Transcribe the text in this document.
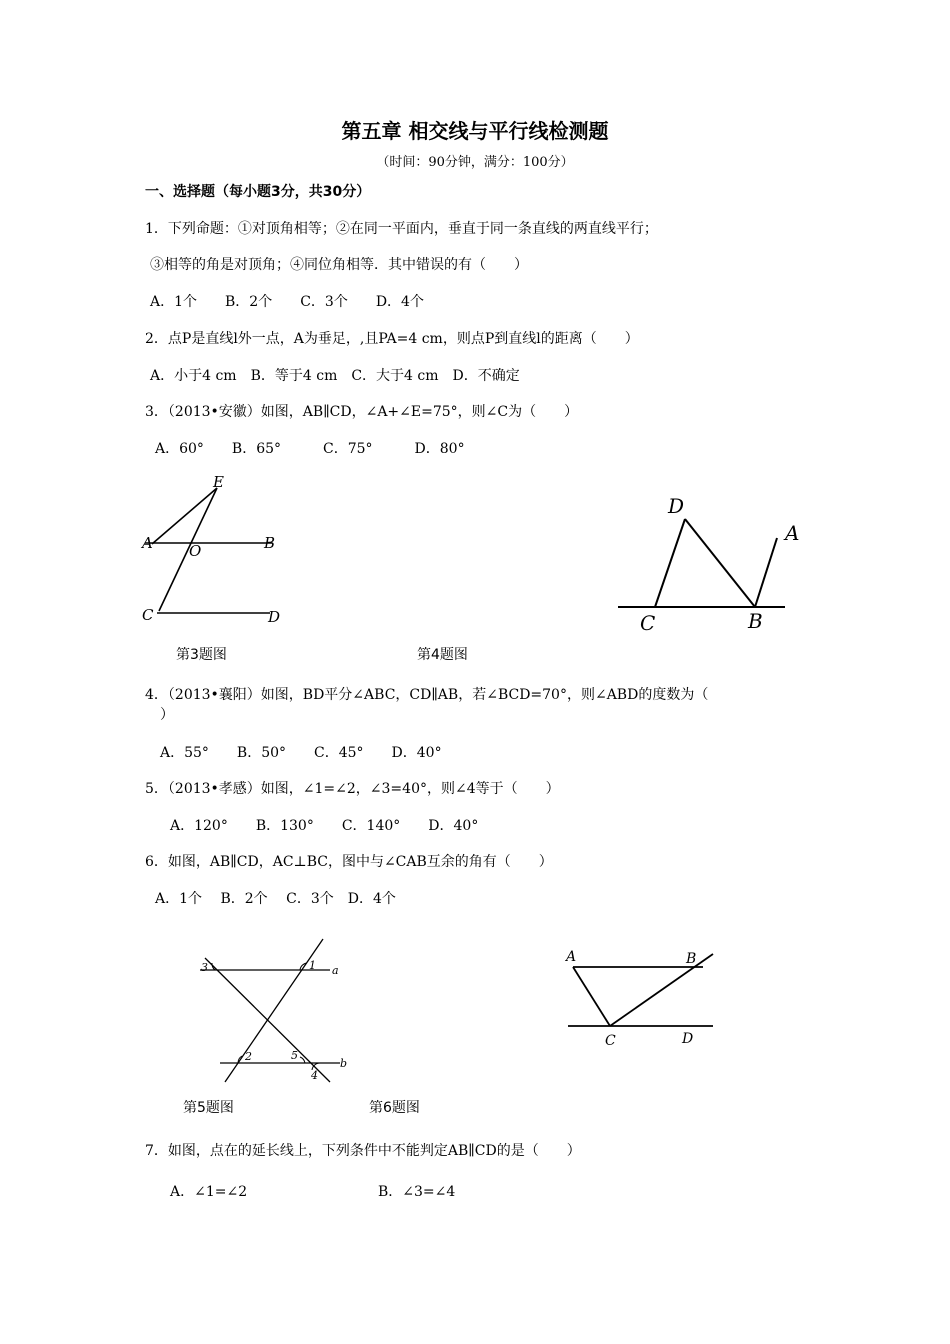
第五章 相交线与平行线检测题
（时间：90分钟，满分：100分）
一、选择题（每小题3分，共30分）
1．下列命题：①对顶角相等；②在同一平面内，垂直于同一条直线的两直线平行；
③相等的角是对顶角；④同位角相等．其中错误的有（　　）
A．1个　　B．2个　　C．3个　　D．4个
2．点P是直线l外一点，A为垂足，,且PA=4 cm，则点P到直线l的距离（　　）
A．小于4 cm　B．等于4 cm　C．大于4 cm　D．不确定
3．（2013•安徽）如图，AB∥CD，∠A+∠E=75°，则∠C为（　　）
A．60°　　B．65°　　　C．75°　　　D．80°
E
A O	B
C	D
D
A
C	B
第3题图	第4题图
4．（2013•襄阳）如图，BD平分∠ABC，CD∥AB，若∠BCD=70°，则∠ABD的度数为（
）
A．55°　　B．50°　　C．45°　　D．40°
5．（2013•孝感）如图，∠1=∠2，∠3=40°，则∠4等于（　　）
A．120°　　B．130°　　C．140°　　D．40°
6．如图，AB∥CD，AC⊥BC，图中与∠CAB互余的角有（　　）
A．1个　 B．2个　 C．3个　D．4个
3	1 a
2	5
b
4
A	B
C	D
第5题图	第6题图
7．如图，点在的延长线上，下列条件中不能判定AB∥CD的是（　　）
A．∠1=∠2	B．∠3=∠4
